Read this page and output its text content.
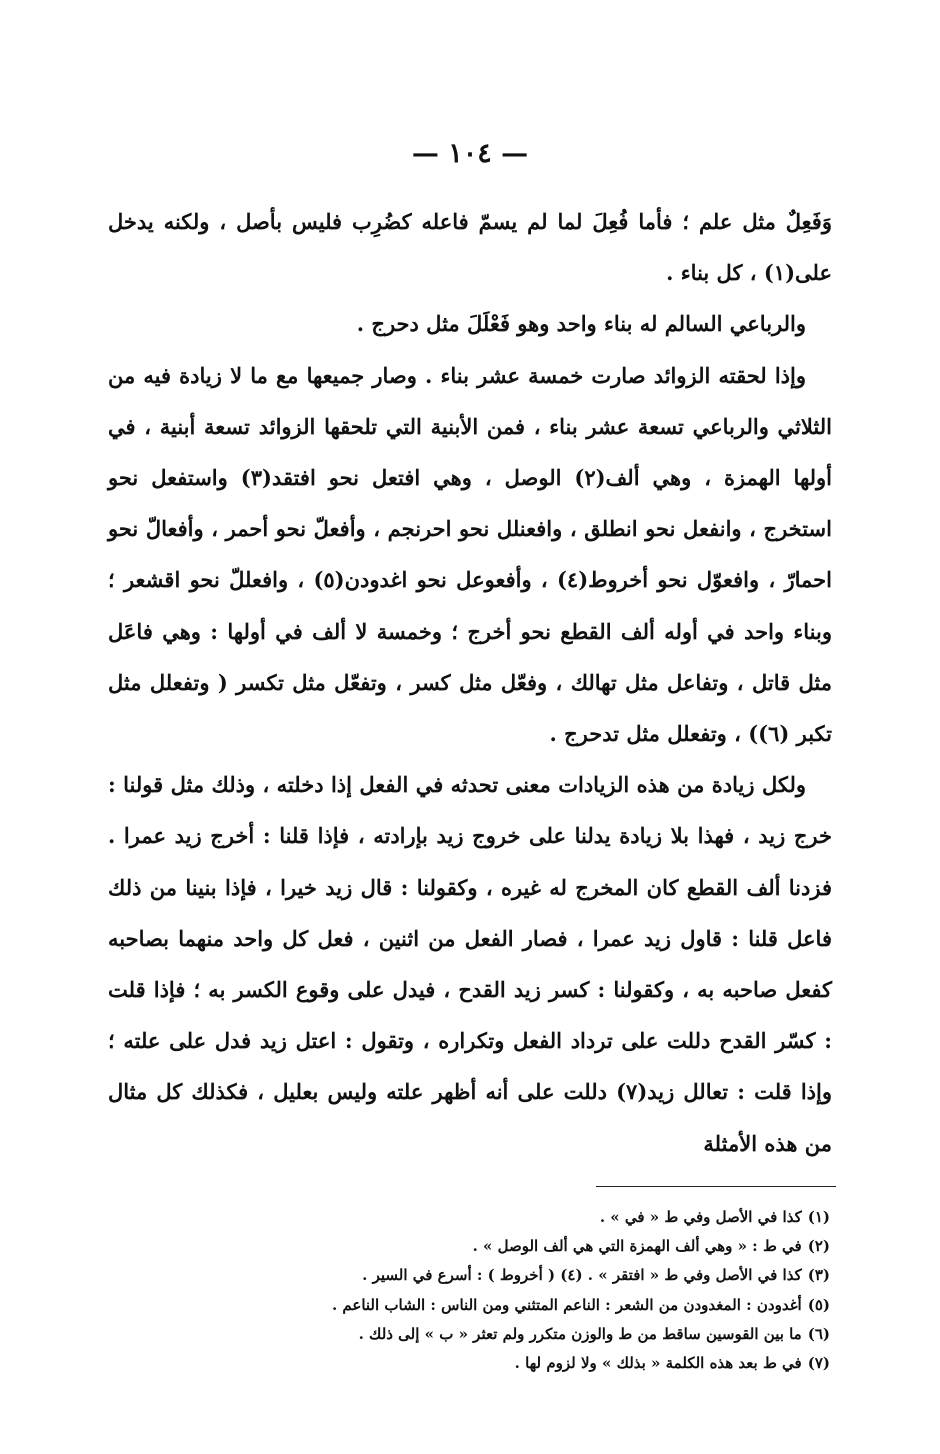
— ١٠٤ —

وَفَعِلٌ مثل علم ؛ فأما فُعِلَ لما لم يسمّ فاعله كضُرِب فليس بأصل ، ولكنه يدخل على(١) ، كل بناء .

والرباعي السالم له بناء واحد وهو فَعْلَلَ مثل دحرج .

وإذا لحقته الزوائد صارت خمسة عشر بناء . وصار جميعها مع ما لا زيادة فيه من الثلاثي والرباعي تسعة عشر بناء ، فمن الأبنية التي تلحقها الزوائد تسعة أبنية ، في أولها الهمزة ، وهي ألف(٢) الوصل ، وهي افتعل نحو افتقد(٣) واستفعل نحو استخرج ، وانفعل نحو انطلق ، وافعنلل نحو احرنجم ، وأفعلّ نحو أحمر ، وأفعالّ نحو احمارّ ، وافعوّل نحو أخروط(٤) ، وأفعوعل نحو اغدودن(٥) ، وافعللّ نحو اقشعر ؛ وبناء واحد في أوله ألف القطع نحو أخرج ؛ وخمسة لا ألف في أولها : وهي فاعَل مثل قاتل ، وتفاعل مثل تهالك ، وفعّل مثل كسر ، وتفعّل مثل تكسر ( وتفعلل مثل تكبر (٦)) ، وتفعلل مثل تدحرج .

ولكل زيادة من هذه الزيادات معنى تحدثه في الفعل إذا دخلته ، وذلك مثل قولنا : خرج زيد ، فهذا بلا زيادة يدلنا على خروج زيد بإرادته ، فإذا قلنا : أخرج زيد عمرا . فزدنا ألف القطع كان المخرج له غيره ، وكقولنا : قال زيد خيرا ، فإذا بنينا من ذلك فاعل قلنا : قاول زيد عمرا ، فصار الفعل من اثنين ، فعل كل واحد منهما بصاحبه كفعل صاحبه به ، وكقولنا : كسر زيد القدح ، فيدل على وقوع الكسر به ؛ فإذا قلت : كسّر القدح دللت على ترداد الفعل وتكراره ، وتقول : اعتل زيد فدل على علته ؛ وإذا قلت : تعالل زيد(٧) دللت على أنه أظهر علته وليس بعليل ، فكذلك كل مثال من هذه الأمثلة

(١)كذا في الأصل وفي ط « في » .

(٢)في ط : « وهي ألف الهمزة التي هي ألف الوصل » .

(٣)كذا في الأصل وفي ط « افتقر » . (٤) ( أخروط ) : أسرع في السير .

(٥)أغدودن : المغدودن من الشعر : الناعم المتثني ومن الناس : الشاب الناعم .

(٦)ما بين القوسين ساقط من ط والوزن متكرر ولم تعثر « ب » إلى ذلك .

(٧)في ط بعد هذه الكلمة « بذلك » ولا لزوم لها .
